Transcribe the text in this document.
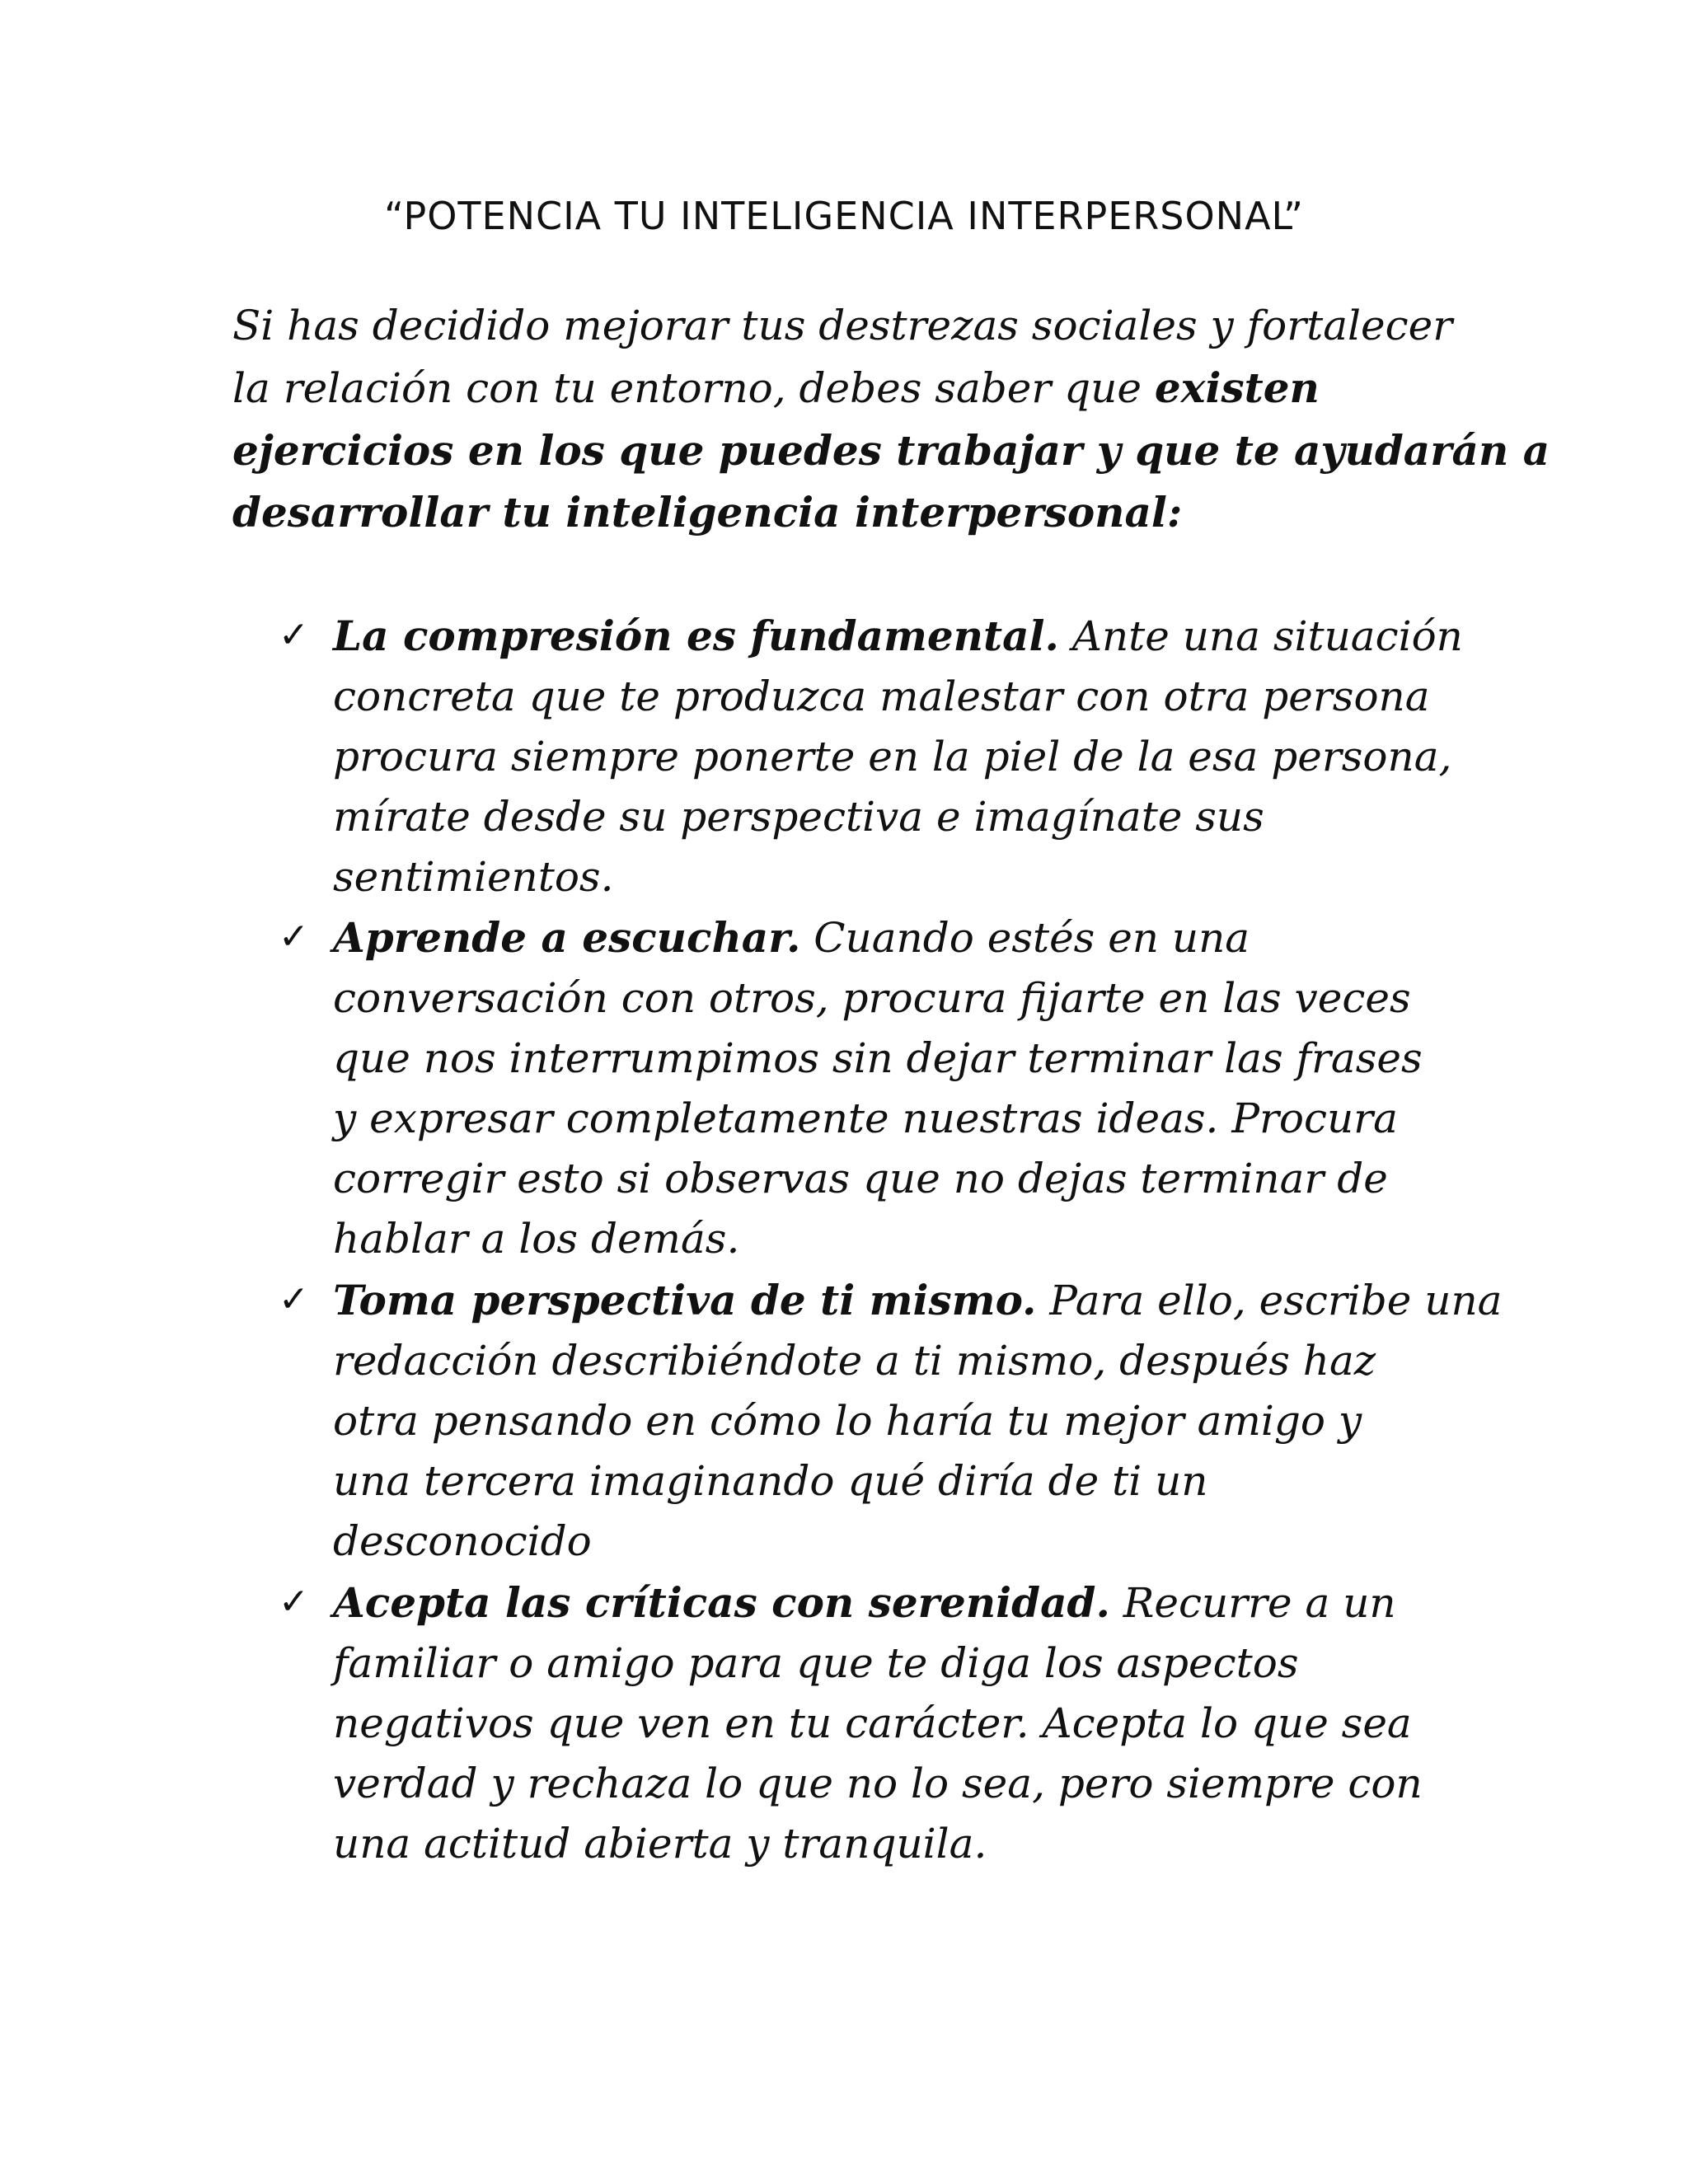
“POTENCIA TU INTELIGENCIA INTERPERSONAL”
Si has decidido mejorar tus destrezas sociales y fortalecer
la relación con tu entorno, debes saber que existen
ejercicios en los que puedes trabajar y que te ayudarán a
desarrollar tu inteligencia interpersonal:
✓ La compresión es fundamental. Ante una situación
concreta que te produzca malestar con otra persona
procura siempre ponerte en la piel de la esa persona,
mírate desde su perspectiva e imagínate sus
sentimientos.
✓ Aprende a escuchar. Cuando estés en una
conversación con otros, procura fijarte en las veces
que nos interrumpimos sin dejar terminar las frases
y expresar completamente nuestras ideas. Procura
corregir esto si observas que no dejas terminar de
hablar a los demás.
✓ Toma perspectiva de ti mismo. Para ello, escribe una
redacción describiéndote a ti mismo, después haz
otra pensando en cómo lo haría tu mejor amigo y
una tercera imaginando qué diría de ti un
desconocido
✓ Acepta las críticas con serenidad. Recurre a un
familiar o amigo para que te diga los aspectos
negativos que ven en tu carácter. Acepta lo que sea
verdad y rechaza lo que no lo sea, pero siempre con
una actitud abierta y tranquila.
